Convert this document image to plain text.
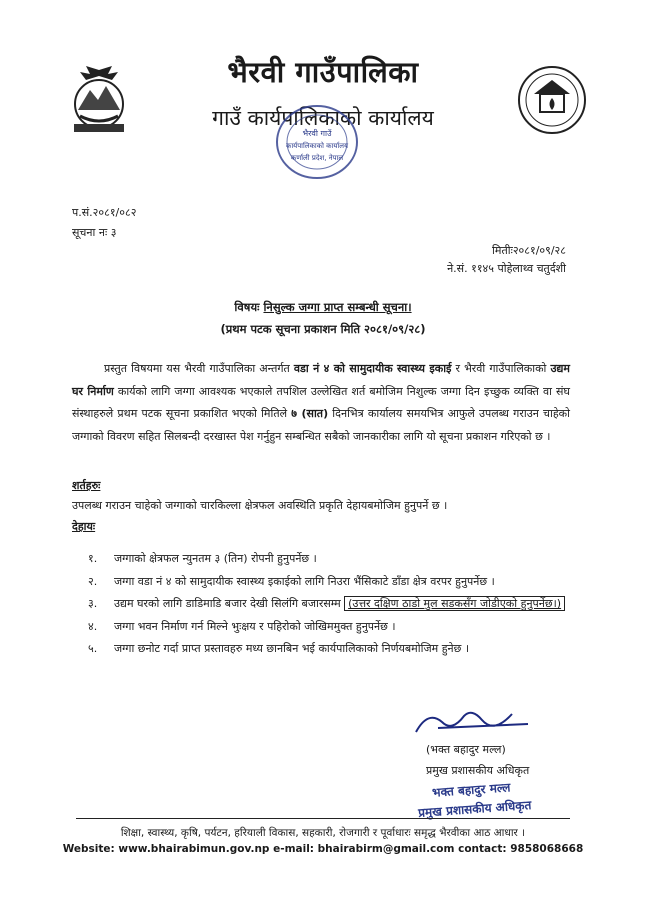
भैरवी गाउँपालिका
गाउँ कार्यपालिकाको कार्यालय
भैरवी गाउँ
कार्यपालिकाको कार्यालय
कर्णाली प्रदेश, नेपाल
प.सं.२०८१/०८२
सूचना नः ३
मितीः२०८१/०९/२८
ने.सं. ११४५ पोहेलाथ्व चतुर्दशी
विषयः निसुल्क जग्गा प्राप्त सम्बन्धी सूचना।
(प्रथम पटक सूचना प्रकाशन मिति २०८१/०९/२८)
प्रस्तुत विषयमा यस भैरवी गाउँपालिका अन्तर्गत वडा नं ४ को सामुदायीक स्वास्थ्य इकाई र भैरवी गाउँपालिकाको उद्यम घर निर्माण कार्यको लागि जग्गा आवश्यक भएकाले तपशिल उल्लेखित शर्त बमोजिम निशुल्क जग्गा दिन इच्छुक व्यक्ति वा संघ संस्थाहरुले प्रथम पटक सूचना प्रकाशित भएको मितिले ७ (सात) दिनभित्र कार्यालय समयभित्र आफुले उपलब्ध गराउन चाहेको जग्गाको विवरण सहित सिलबन्दी दरखास्त पेश गर्नुहुन सम्बन्धित सबैको जानकारीका लागि यो सूचना प्रकाशन गरिएको छ ।
शर्तहरुः
उपलब्ध गराउन चाहेको जग्गाको चारकिल्ला क्षेत्रफल अवस्थिति प्रकृति देहायबमोजिम हुनुपर्ने छ ।
देहायः
१. जग्गाको क्षेत्रफल न्युनतम ३ (तिन) रोपनी हुनुपर्नेछ ।
२. जग्गा वडा नं ४ को सामुदायीक स्वास्थ्य इकाईको लागि निउरा भैंसिकाटे डाँडा क्षेत्र वरपर हुनुपर्नेछ ।
३. उद्यम घरको लागि डाडिमाडि बजार देखी सिलंगि बजारसम्म (उत्तर दक्षिण ठाडो मुल सडकसँग जोडीएको हुनुपर्नेछ।)
४. जग्गा भवन निर्माण गर्न मिल्ने भुःक्षय र पहिरोको जोखिममुक्त हुनुपर्नेछ ।
५. जग्गा छनोट गर्दा प्राप्त प्रस्तावहरु मध्य छानबिन भई कार्यपालिकाको निर्णयबमोजिम हुनेछ ।
(भक्त बहादुर मल्ल)
प्रमुख प्रशासकीय अधिकृत
भक्त बहादुर मल्ल
प्रमुख प्रशासकीय अधिकृत
शिक्षा, स्वास्थ्य, कृषि, पर्यटन, हरियाली विकास, सहकारी, रोजगारी र पूर्वाधारः समृद्ध भैरवीका आठ आधार ।
Website: www.bhairabimun.gov.np e-mail: bhairabirm@gmail.com contact: 9858068668
